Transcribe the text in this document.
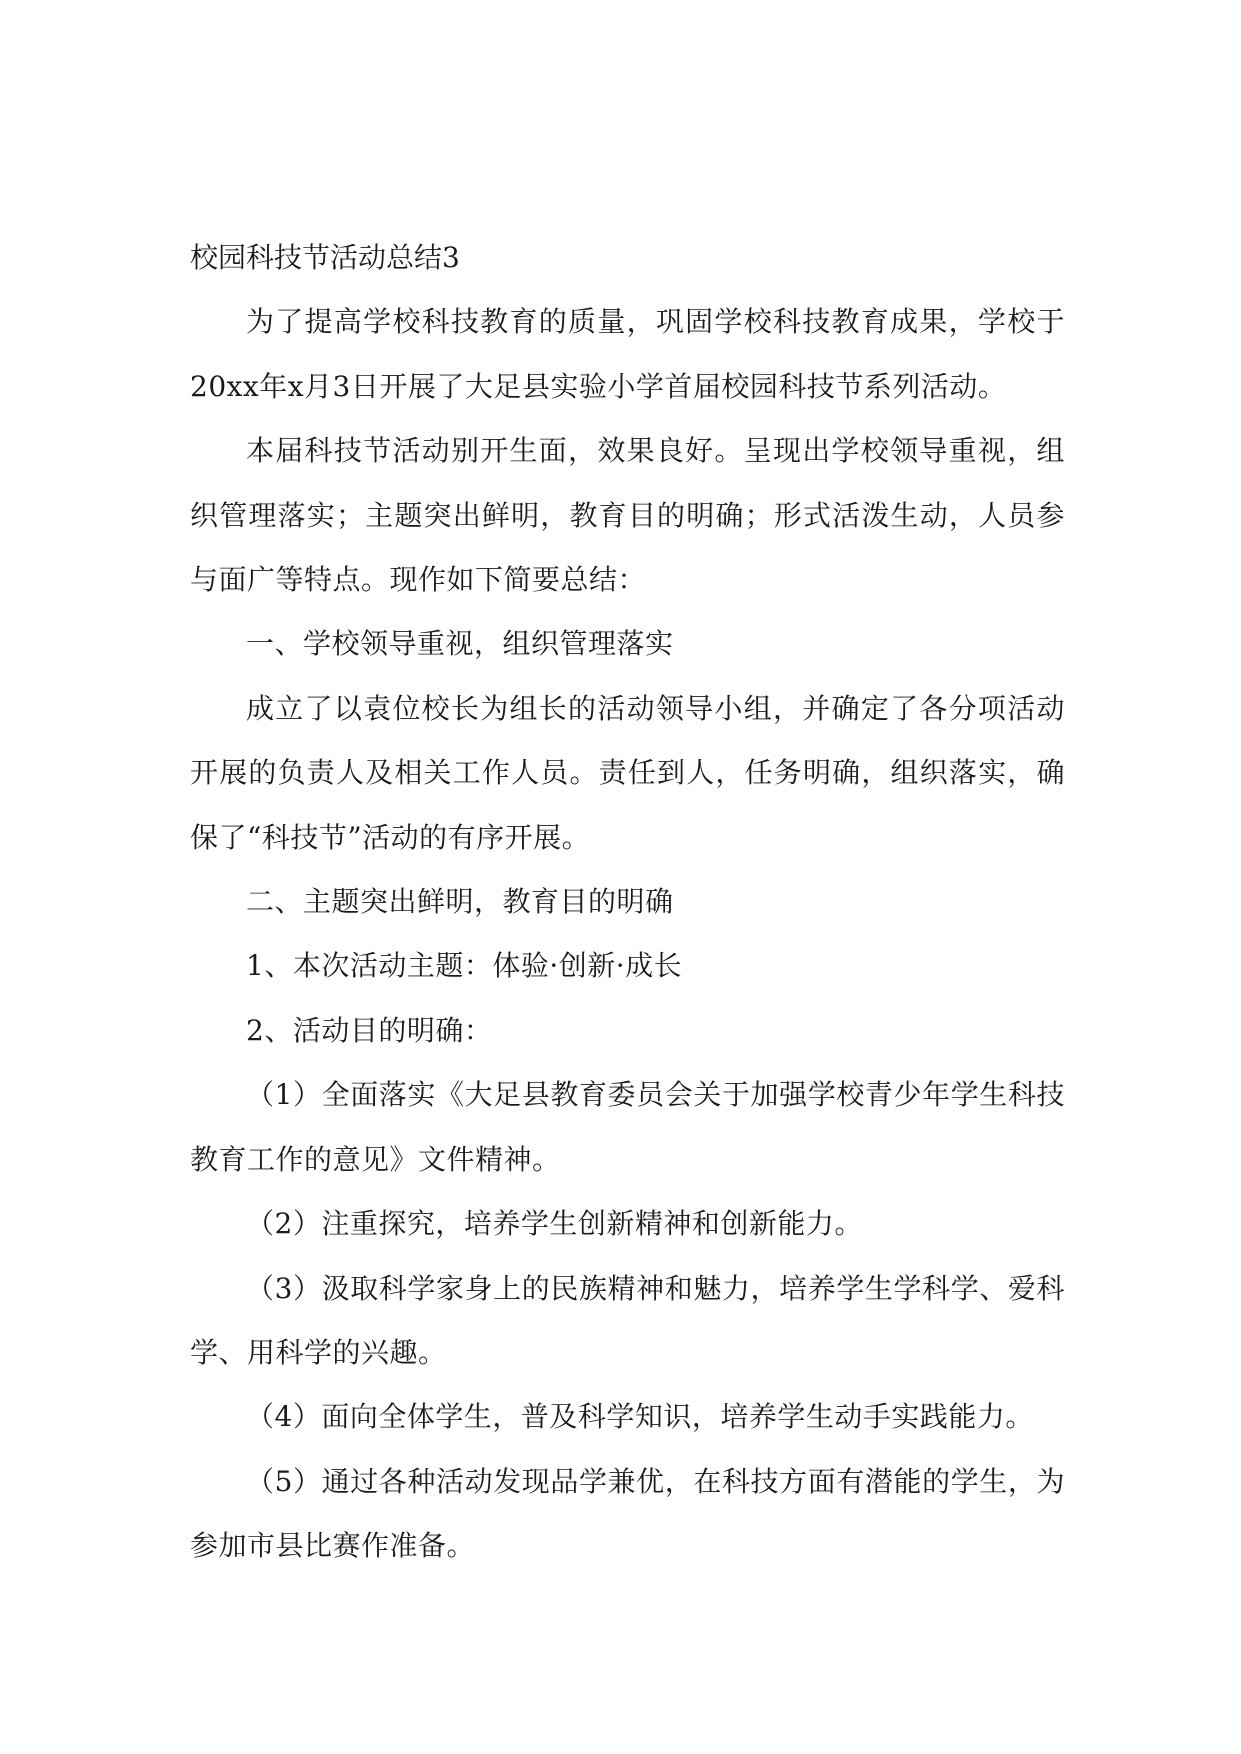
校园科技节活动总结3

为了提高学校科技教育的质量，巩固学校科技教育成果，学校于20xx年x月3日开展了大足县实验小学首届校园科技节系列活动。

本届科技节活动别开生面，效果良好。呈现出学校领导重视，组织管理落实；主题突出鲜明，教育目的明确；形式活泼生动，人员参与面广等特点。现作如下简要总结：

一、学校领导重视，组织管理落实

成立了以袁位校长为组长的活动领导小组，并确定了各分项活动开展的负责人及相关工作人员。责任到人，任务明确，组织落实，确保了“科技节”活动的有序开展。

二、主题突出鲜明，教育目的明确

1、本次活动主题：体验·创新·成长

2、活动目的明确：

（1）全面落实《大足县教育委员会关于加强学校青少年学生科技教育工作的意见》文件精神。

（2）注重探究，培养学生创新精神和创新能力。

（3）汲取科学家身上的民族精神和魅力，培养学生学科学、爱科学、用科学的兴趣。

（4）面向全体学生，普及科学知识，培养学生动手实践能力。

（5）通过各种活动发现品学兼优，在科技方面有潜能的学生，为参加市县比赛作准备。
